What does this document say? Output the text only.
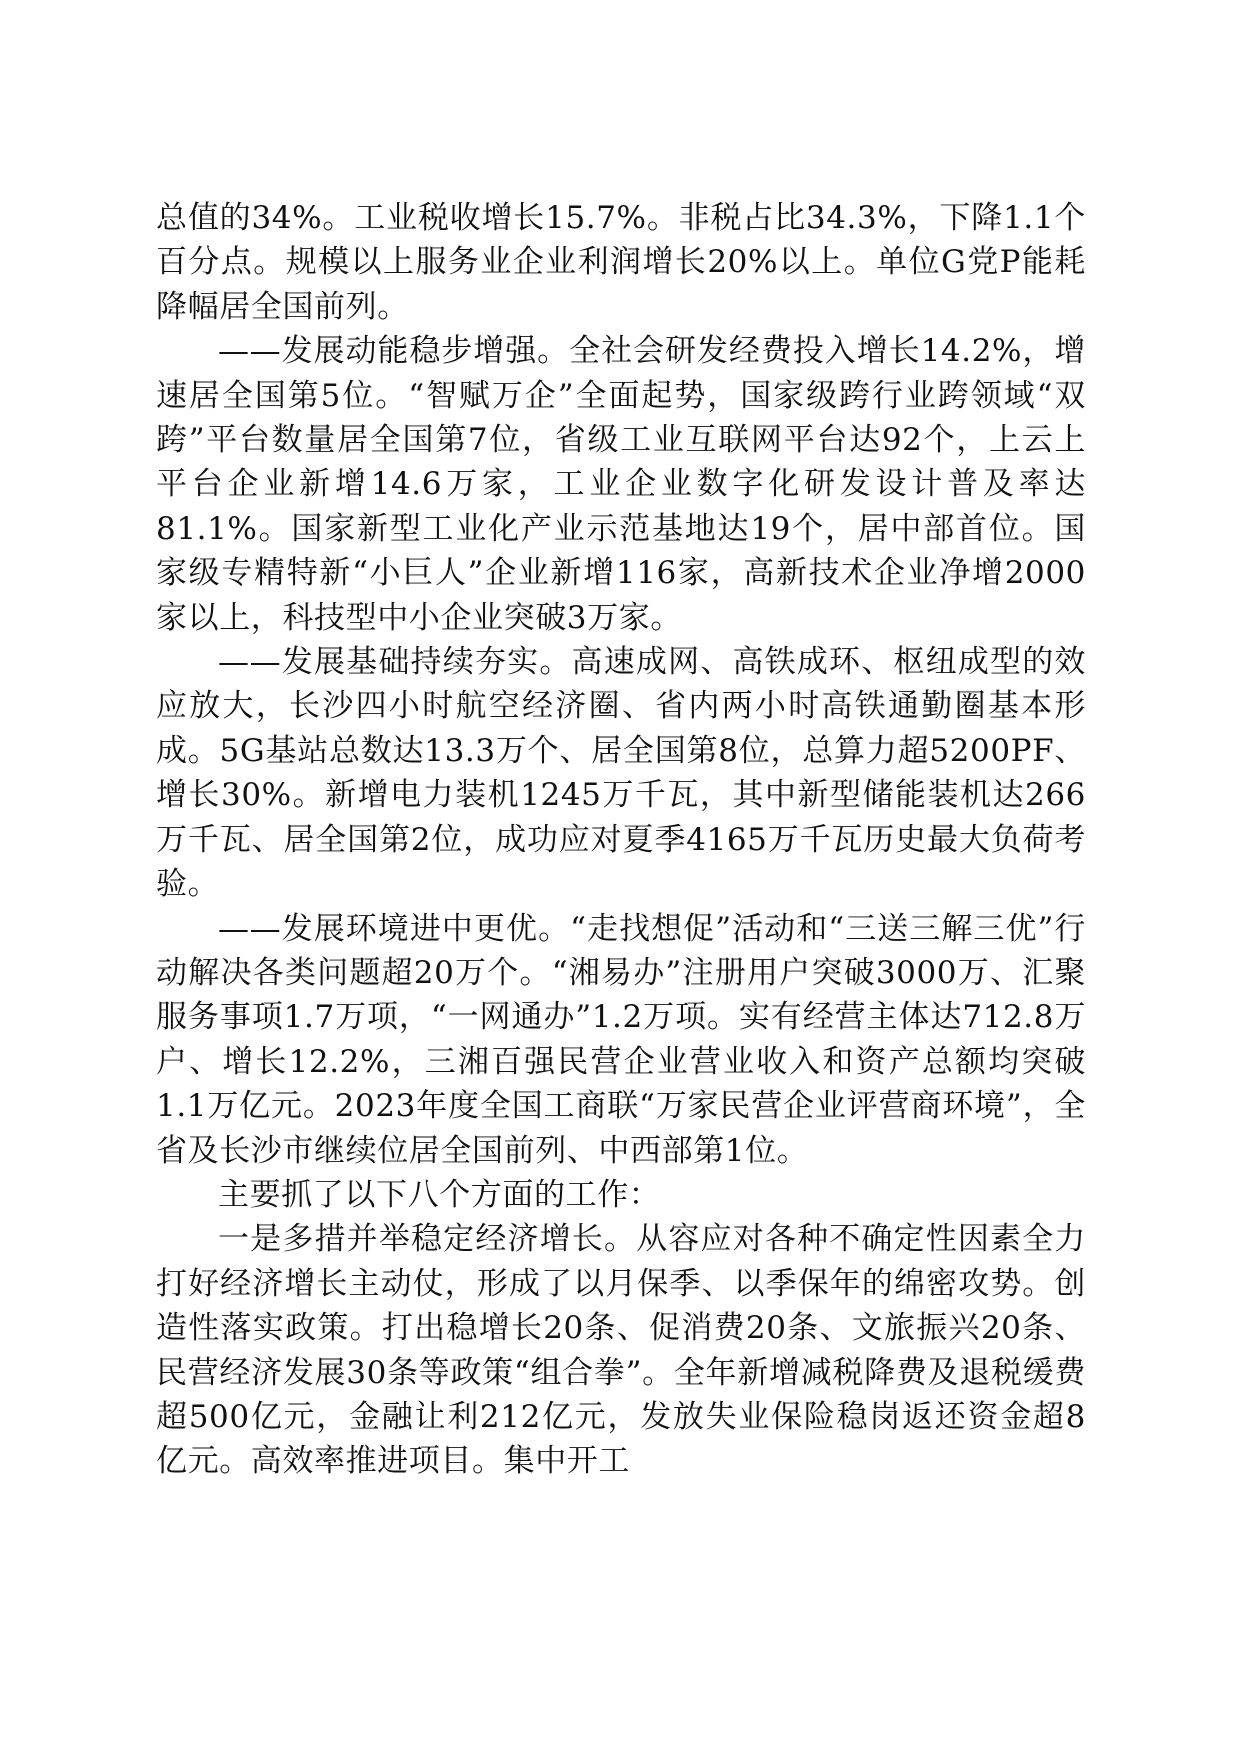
总值的34%。工业税收增长15.7%。非税占比34.3%，下降1.1个百分点。规模以上服务业企业利润增长20%以上。单位G党P能耗降幅居全国前列。

——发展动能稳步增强。全社会研发经费投入增长14.2%，增速居全国第5位。“智赋万企”全面起势，国家级跨行业跨领域“双跨”平台数量居全国第7位，省级工业互联网平台达92个，上云上平台企业新增14.6万家，工业企业数字化研发设计普及率达81.1%。国家新型工业化产业示范基地达19个，居中部首位。国家级专精特新“小巨人”企业新增116家，高新技术企业净增2000家以上，科技型中小企业突破3万家。

——发展基础持续夯实。高速成网、高铁成环、枢纽成型的效应放大，长沙四小时航空经济圈、省内两小时高铁通勤圈基本形成。5G基站总数达13.3万个、居全国第8位，总算力超5200PF、增长30%。新增电力装机1245万千瓦，其中新型储能装机达266万千瓦、居全国第2位，成功应对夏季4165万千瓦历史最大负荷考验。

——发展环境进中更优。“走找想促”活动和“三送三解三优”行动解决各类问题超20万个。“湘易办”注册用户突破3000万、汇聚服务事项1.7万项，“一网通办”1.2万项。实有经营主体达712.8万户、增长12.2%，三湘百强民营企业营业收入和资产总额均突破1.1万亿元。2023年度全国工商联“万家民营企业评营商环境”，全省及长沙市继续位居全国前列、中西部第1位。

主要抓了以下八个方面的工作：

一是多措并举稳定经济增长。从容应对各种不确定性因素全力打好经济增长主动仗，形成了以月保季、以季保年的绵密攻势。创造性落实政策。打出稳增长20条、促消费20条、文旅振兴20条、民营经济发展30条等政策“组合拳”。全年新增减税降费及退税缓费超500亿元，金融让利212亿元，发放失业保险稳岗返还资金超8亿元。高效率推进项目。集中开工
